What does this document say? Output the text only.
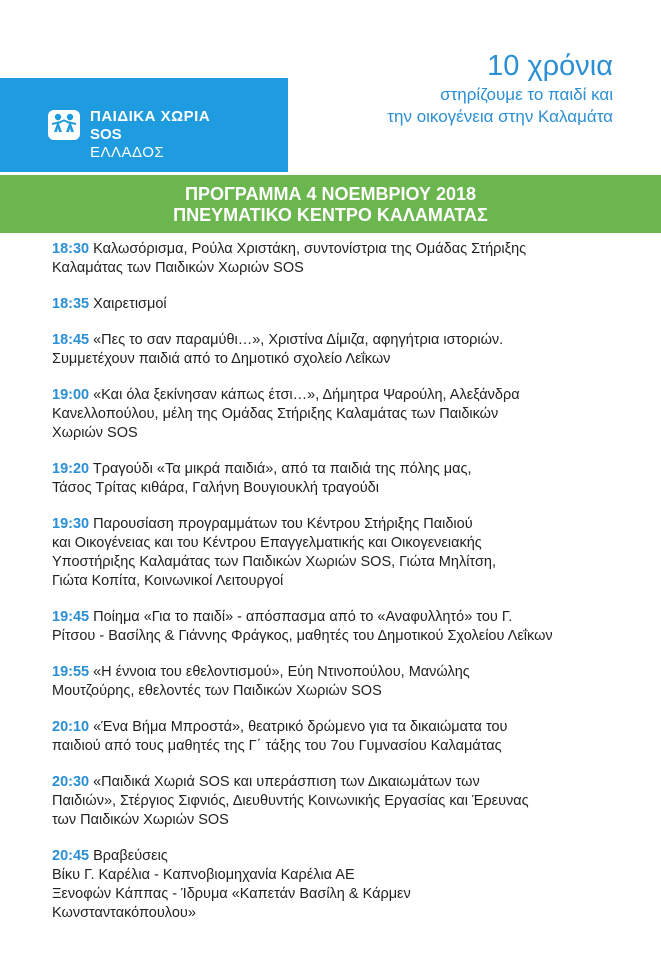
ΠΑΙΔΙΚΑ ΧΩΡΙΑ
SOS
ΕΛΛΑΔΟΣ
10 χρόνια
στηρίζουμε το παιδί και
την οικογένεια στην Καλαμάτα
ΠΡΟΓΡΑΜΜΑ 4 ΝΟΕΜΒΡΙΟΥ 2018
ΠΝΕΥΜΑΤΙΚΟ ΚΕΝΤΡΟ ΚΑΛΑΜΑΤΑΣ
18:30 Καλωσόρισμα, Ρούλα Χριστάκη, συντονίστρια της Ομάδας Στήριξης
Καλαμάτας των Παιδικών Χωριών SOS
18:35 Χαιρετισμοί
18:45 «Πες το σαν παραμύθι…», Χριστίνα Δίμιζα, αφηγήτρια ιστοριών.
Συμμετέχουν παιδιά από το Δημοτικό σχολείο Λεΐκων
19:00 «Και όλα ξεκίνησαν κάπως έτσι…», Δήμητρα Ψαρούλη, Αλεξάνδρα
Κανελλοπούλου, μέλη της Ομάδας Στήριξης Καλαμάτας των Παιδικών
Χωριών SOS
19:20 Τραγούδι «Τα μικρά παιδιά», από τα παιδιά της πόλης μας,
Τάσος Τρίτας κιθάρα, Γαλήνη Βουγιουκλή τραγούδι
19:30 Παρουσίαση προγραμμάτων του Κέντρου Στήριξης Παιδιού
και Οικογένειας και του Κέντρου Επαγγελματικής και Οικογενειακής
Υποστήριξης Καλαμάτας των Παιδικών Χωριών SOS, Γιώτα Μηλίτση,
Γιώτα Κοπίτα, Κοινωνικοί Λειτουργοί
19:45 Ποίημα «Για το παιδί» - απόσπασμα από το «Αναφυλλητό» του Γ.
Ρίτσου - Βασίλης & Γιάννης Φράγκος, μαθητές του Δημοτικού Σχολείου Λεΐκων
19:55 «Η έννοια του εθελοντισμού», Εύη Ντινοπούλου, Μανώλης
Μουτζούρης, εθελοντές των Παιδικών Χωριών SOS
20:10 «Ένα Βήμα Μπροστά», θεατρικό δρώμενο για τα δικαιώματα του
παιδιού από τους μαθητές της Γ΄ τάξης του 7ου Γυμνασίου Καλαμάτας
20:30 «Παιδικά Χωριά SOS και υπεράσπιση των Δικαιωμάτων των
Παιδιών», Στέργιος Σιφνιός, Διευθυντής Κοινωνικής Εργασίας και Έρευνας
των Παιδικών Χωριών SOS
20:45 Βραβεύσεις
Βίκυ Γ. Καρέλια - Καπνοβιομηχανία Καρέλια ΑΕ
Ξενοφών Κάππας - Ίδρυμα «Καπετάν Βασίλη & Κάρμεν
Κωνσταντακόπουλου»
